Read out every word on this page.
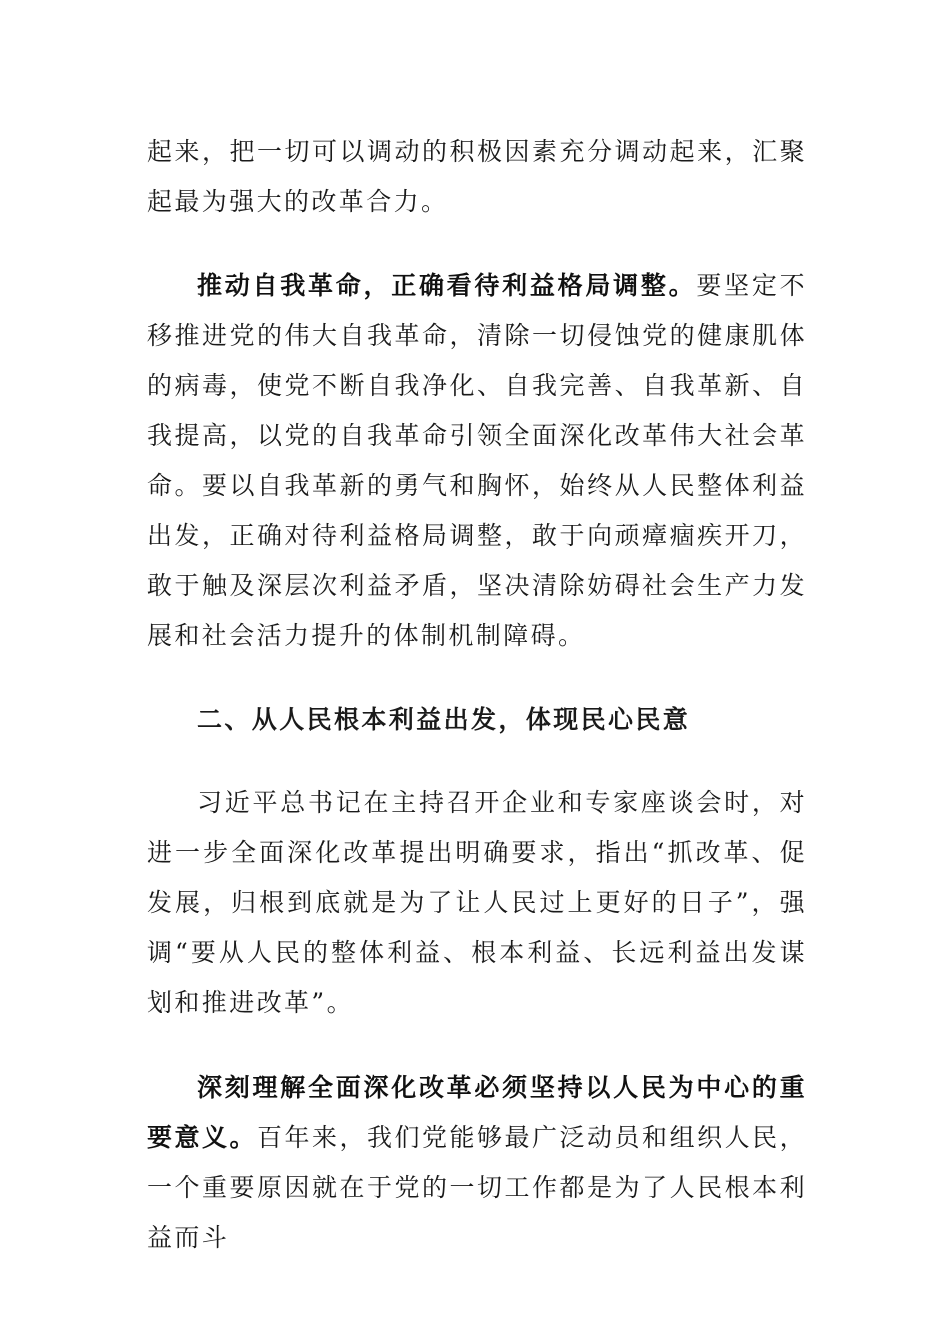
起来，把一切可以调动的积极因素充分调动起来，汇聚起最为强大的改革合力。

推动自我革命，正确看待利益格局调整。要坚定不移推进党的伟大自我革命，清除一切侵蚀党的健康肌体的病毒，使党不断自我净化、自我完善、自我革新、自我提高，以党的自我革命引领全面深化改革伟大社会革命。要以自我革新的勇气和胸怀，始终从人民整体利益出发，正确对待利益格局调整，敢于向顽瘴痼疾开刀，敢于触及深层次利益矛盾，坚决清除妨碍社会生产力发展和社会活力提升的体制机制障碍。

二、从人民根本利益出发，体现民心民意

习近平总书记在主持召开企业和专家座谈会时，对进一步全面深化改革提出明确要求，指出“抓改革、促发展，归根到底就是为了让人民过上更好的日子”，强调“要从人民的整体利益、根本利益、长远利益出发谋划和推进改革”。

深刻理解全面深化改革必须坚持以人民为中心的重要意义。百年来，我们党能够最广泛动员和组织人民，一个重要原因就在于党的一切工作都是为了人民根本利益而斗
